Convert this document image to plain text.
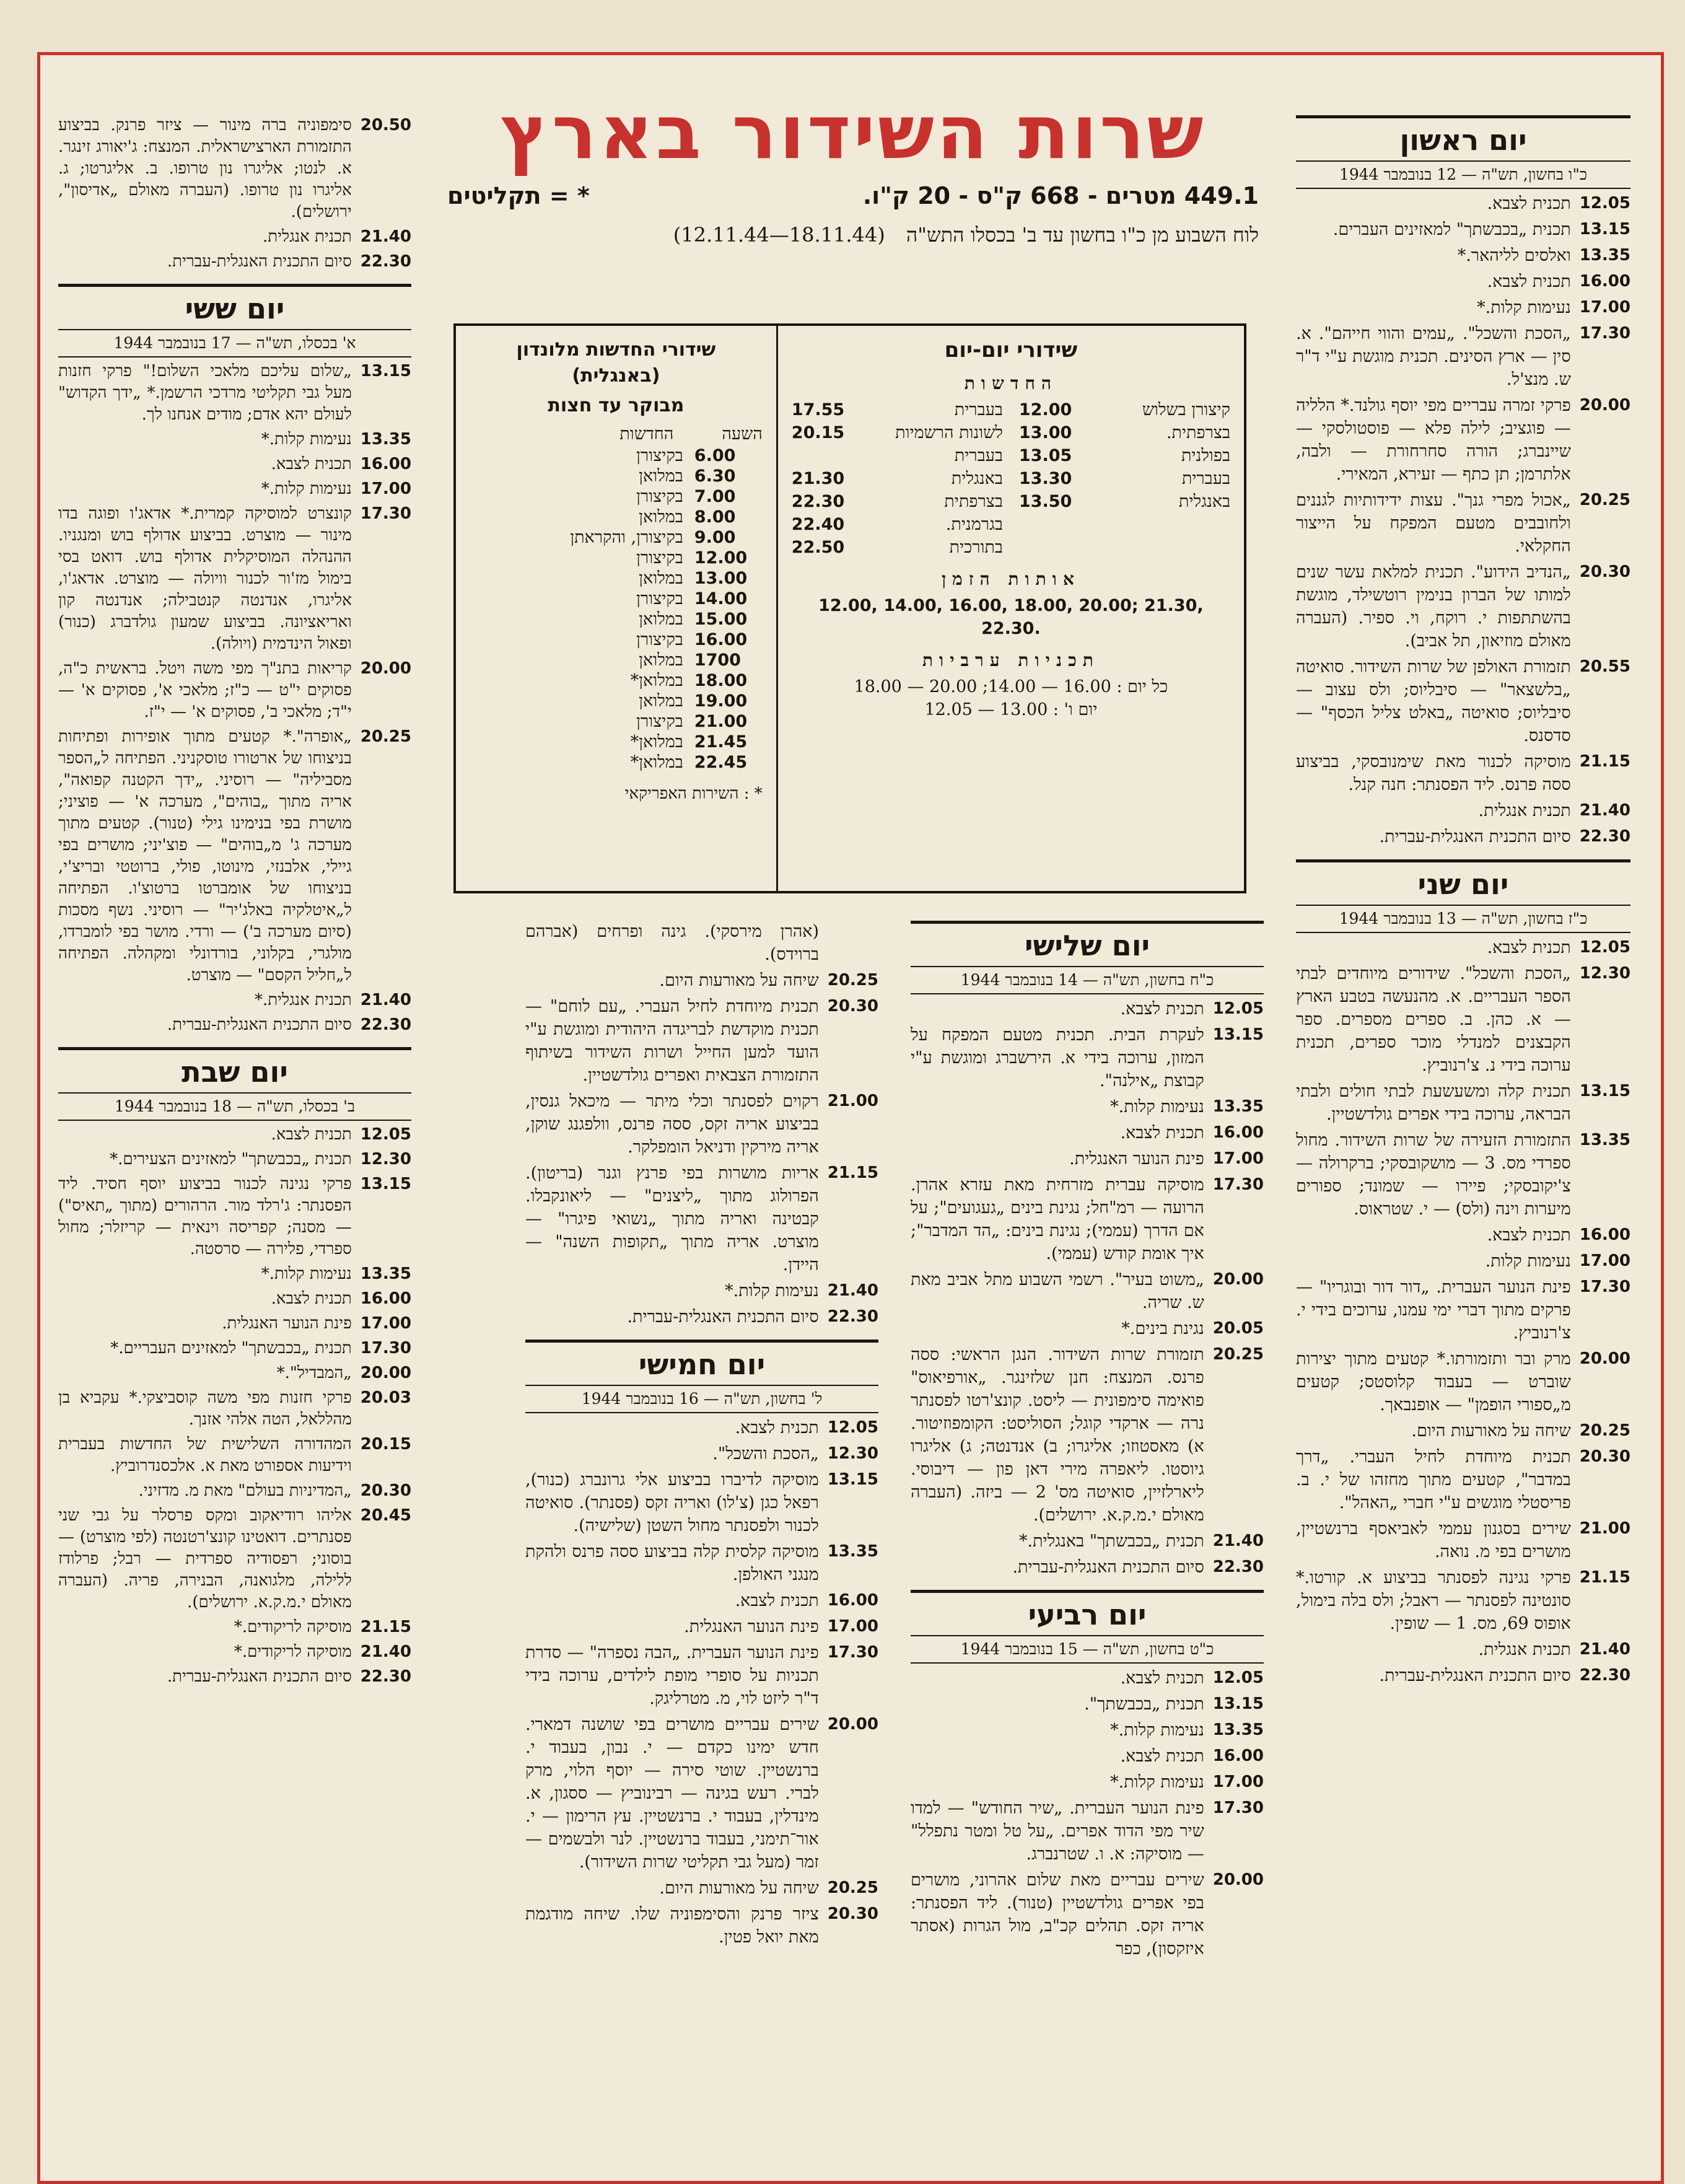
שרות השידור בארץ
449.1 מטרים - 668 ק"ס - 20 ק"ו.
* = תקליטים
לוח השבוע מן כ"ו בחשון עד ב' בכסלו התש"ה (12.11.44—18.11.44)
שידורי יום-יום
החדשות
קיצורן בשלוש
12.00
בצרפתית.
13.00
בפולנית
13.05
בעברית
13.30
באנגלית
13.50
בעברית
17.55
לשונות הרשמיות בעברית
20.15
באנגלית
21.30
בצרפתית
22.30
בגרמנית.
22.40
בתורכית
22.50
אותות הזמן
12.00, 14.00, 16.00, 18.00, 20.00; 21.30, 22.30.
תכניות ערביות
כל יום : 16.00 — 14.00; 20.00 — 18.00
יום ו' : 13.00 — 12.05
שידורי החדשות מלונדון (באנגלית)
מבוקר עד חצות
השעה
החדשות
6.00
בקיצורן
6.30
במלואן
7.00
בקיצורן
8.00
במלואן
9.00
בקיצורן, והקראתן
12.00
בקיצורן
13.00
במלואן
14.00
בקיצורן
15.00
במלואן
16.00
בקיצורן
1700
במלואן
18.00
במלואן*
19.00
במלואן
21.00
בקיצורן
21.45
במלואן*
22.45
במלואן*
* : השירות האפריקאי
יום ראשון
כ"ו בחשון, תש"ה — 12 בנובמבר 1944
12.05
תכנית לצבא.
13.15
תכנית „בכבשתך" למאזינים העברים.
13.35
ואלסים לליהאר.*
16.00
תכנית לצבא.
17.00
נעימות קלות.*
17.30
„הסכת והשכל". „עמים והווי חייהם". א. סין — ארץ הסינים. תכנית מוגשת ע"י ד"ר ש. מנצ'ל.
20.00
פרקי זמרה עבריים מפי יוסף גולנד.* הלליה — פוגציב; לילה פלא — פוסטולסקי — שיינברג; הורה סחרחורת — ולבה, אלתרמן; תן כתף — זעירא, המאירי.
20.25
„אכול מפרי גנך". עצות ידידותיות לגננים ולחובבים מטעם המפקח על הייצור החקלאי.
20.30
„הנדיב הידוע". תכנית למלאת עשר שנים למותו של הברון בנימין רוטשילד, מוגשת בהשתתפות י. רוקח, וי. ספיר. (העברה מאולם מוזיאון, תל אביב).
20.55
תזמורת האולפן של שרות השידור. סואיטה „בלשצאר" — סיבליוס; ולס עצוב — סיבליוס; סואיטה „באלט צליל הכסף" — סדסנס.
21.15
מוסיקה לכנור מאת שימנובסקי, בביצוע ססה פרנס. ליד הפסנתר: חנה קנל.
21.40
תכנית אנגלית.
22.30
סיום התכנית האנגלית-עברית.
יום שני
כ"ז בחשון, תש"ה — 13 בנובמבר 1944
12.05
תכנית לצבא.
12.30
„הסכת והשכל". שידורים מיוחדים לבתי הספר העבריים. א. מהנעשה בטבע הארץ — א. כהן. ב. ספרים מספרים. ספר הקבצנים למנדלי מוכר ספרים, תכנית ערוכה בידי נ. צ'רנוביץ.
13.15
תכנית קלה ומשעשעת לבתי חולים ולבתי הבראה, ערוכה בידי אפרים גולדשטיין.
13.35
התזמורת הזעירה של שרות השידור. מחול ספרדי מס. 3 — מושקובסקי; ברקרולה — צ'יקובסקי; פיירו — שמונד; ספורים מיערות וינה (ולס) — י. שטראוס.
16.00
תכנית לצבא.
17.00
נעימות קלות.
17.30
פינת הנוער העברית. „דור דור ובוגריו" — פרקים מתוך דברי ימי עמנו, ערוכים בידי י. צ'רנוביץ.
20.00
מרק ובר ותזמורתו.* קטעים מתוך יצירות שוברט — בעבוד קלוסטס; קטעים מ„ספורי הופמן" — אופנבאך.
20.25
שיחה על מאורעות היום.
20.30
תכנית מיוחדת לחיל העברי. „דרך במדבר", קטעים מתוך מחזהו של י. ב. פריסטלי מוגשים ע"י חברי „האהל".
21.00
שירים בסגנון עממי לאביאסף ברנשטיין, מושרים בפי מ. נואה.
21.15
פרקי נגינה לפסנתר בביצוע א. קורטו.* סונטינה לפסנתר — ראבל; ולס בלה בימול, אופוס 69, מס. 1 — שופין.
21.40
תכנית אנגלית.
22.30
סיום התכנית האנגלית-עברית.
יום שלישי
כ"ח בחשון, תש"ה — 14 בנובמבר 1944
12.05
תכנית לצבא.
13.15
לעקרת הבית. תכנית מטעם המפקח על המזון, ערוכה בידי א. הירשברג ומוגשת ע"י קבוצת „אילנה".
13.35
נעימות קלות.*
16.00
תכנית לצבא.
17.00
פינת הנוער האנגלית.
17.30
מוסיקה עברית מזרחית מאת עזרא אהרן. הרועה — רמ"חל; נגינת בינים „געגועים"; על אם הדרך (עממי); נגינת בינים: „הד המדבר"; איך אומת קודש (עממי).
20.00
„משוט בעיר". רשמי השבוע מתל אביב מאת ש. שריה.
20.05
נגינת בינים.*
20.25
תזמורת שרות השידור. הנגן הראשי: ססה פרנס. המנצח: חנן שלזינגר. „אורפיאוס" פואימה סימפונית — ליסט. קונצ'רטו לפסנתר נרה — ארקדי קוגל; הסוליסט: הקומפוזיטור. א) מאסטוזו; אליגרו; ב) אנדנטה; ג) אליגרו גיוסטו. ליאפרה מירי דאן פון — דיבוסי. ליארלזיין, סואיטה מס' 2 — ביזה. (העברה מאולם י.מ.ק.א. ירושלים).
21.40
תכנית „בכבשתך" באנגלית.*
22.30
סיום התכנית האנגלית-עברית.
יום רביעי
כ"ט בחשון, תש"ה — 15 בנובמבר 1944
12.05
תכנית לצבא.
13.15
תכנית „בכבשתך".
13.35
נעימות קלות.*
16.00
תכנית לצבא.
17.00
נעימות קלות.*
17.30
פינת הנוער העברית. „שיר החודש" — למדו שיר מפי הדוד אפרים. „על טל ומטר נתפלל" — מוסיקה: א. ו. שטרנברג.
20.00
שירים עבריים מאת שלום אהרוני, מושרים בפי אפרים גולדשטיין (טנור). ליד הפסנתר: אריה זקס. תהלים קכ"ב, מול הגרות (אסתר איזקסון), כפר
(אהרן מירסקי). גינה ופרחים (אברהם ברוידס).
20.25
שיחה על מאורעות היום.
20.30
תכנית מיוחדת לחיל העברי. „עם לוחם" — תכנית מוקדשת לבריגדה היהודית ומוגשת ע"י הועד למען החייל ושרות השידור בשיתוף התזמורת הצבאית ואפרים גולדשטיין.
21.00
רקוים לפסנתר וכלי מיתר — מיכאל גנסין, בביצוע אריה זקס, ססה פרנס, וולפגנג שוקן, אריה מירקין ודניאל הומפלקר.
21.15
אריות מושרות בפי פרנץ וגנר (בריטון). הפרולוג מתוך „ליצנים" — ליאונקבלו. קבטינה ואריה מתוך „נשואי פיגרו" — מוצרט. אריה מתוך „תקופות השנה" — היידן.
21.40
נעימות קלות.*
22.30
סיום התכנית האנגלית-עברית.
יום חמישי
ל' בחשון, תש"ה — 16 בנובמבר 1944
12.05
תכנית לצבא.
12.30
„הסכת והשכל".
13.15
מוסיקה לדיברו בביצוע אלי גרונברג (כנור), רפאל כגן (צ'לו) ואריה זקס (פסנתר). סואיטה לכנור ולפסנתר מחול השטן (שלישיה).
13.35
מוסיקה קלסית קלה בביצוע ססה פרנס ולהקת מנגני האולפן.
16.00
תכנית לצבא.
17.00
פינת הנוער האנגלית.
17.30
פינת הנוער העברית. „הבה נספרה" — סדרת תכניות על סופרי מופת לילדים, ערוכה בידי ד"ר ליזט לוי, מ. מטרליגק.
20.00
שירים עבריים מושרים בפי שושנה דמארי. חדש ימינו כקדם — י. נבון, בעבוד י. ברנשטיין. שוטי סירה — יוסף הלוי, מרק לברי. רעש בגינה — רבינוביץ — ססגון, א. מינדלין, בעבוד י. ברנשטיין. עץ הרימון — י. אור־תימני, בעבוד ברנשטיין. לנר ולבשמים — זמר (מעל גבי תקליטי שרות השידור).
20.25
שיחה על מאורעות היום.
20.30
ציזר פרנק והסימפוניה שלו. שיחה מודגמת מאת יואל פטין.
20.50
סימפוניה ברה מינור — ציזר פרנק. בביצוע התזמורת הארצישראלית. המנצח: ג'יאורג זינגר. א. לנטו; אליגרו נון טרופו. ב. אליגרטו; ג. אליגרו נון טרופו. (העברה מאולם „אדיסון", ירושלים).
21.40
תכנית אנגלית.
22.30
סיום התכנית האנגלית-עברית.
יום ששי
א' בכסלו, תש"ה — 17 בנובמבר 1944
13.15
„שלום עליכם מלאכי השלום!" פרקי חזנות מעל גבי תקליטי מרדכי הרשמן.* „ידך הקדוש" לעולם יהא אדם; מודים אנחנו לך.
13.35
נעימות קלות.*
16.00
תכנית לצבא.
17.00
נעימות קלות.*
17.30
קונצרט למוסיקה קמרית.* אדאג'ו ופוגה בדו מינור — מוצרט. בביצוע אדולף בוש ומנגניו. ההנהלה המוסיקלית אדולף בוש. דואט בסי בימול מז'ור לכנור וויולה — מוצרט. אדאג'ו, אליגרו, אנדנטה קנטבילה; אנדנטה קון ואריאציונה. בביצוע שמעון גולדברג (כנור) ופאול הינדמית (ויולה).
20.00
קריאות בתנ"ך מפי משה ויטל. בראשית כ"ה, פסוקים י"ט — כ"ז; מלאכי א', פסוקים א' — י"ד; מלאכי ב', פסוקים א' — י"ז.
20.25
„אופרה".* קטעים מתוך אופירות ופתיחות בניצוחו של ארטורו טוסקניני. הפתיחה ל„הספר מסביליה" — רוסיני. „ידך הקטנה קפואה", אריה מתוך „בוהים", מערכה א' — פוציני; מושרת בפי בנימינו גילי (טנור). קטעים מתוך מערכה ג' מ„בוהים" — פוצ'יני; מושרים בפי גיילי, אלבנזי, מינוטו, פולי, ברוטטי ובריצ'י, בניצוחו של אומברטו ברטוצ'ו. הפתיחה ל„איטלקיה באלג'יר" — רוסיני. נשף מסכות (סיום מערכה ב') — ורדי. מושר בפי לומברדו, מולגרי, בקלוני, בורדונלי ומקהלה. הפתיחה ל„חליל הקסם" — מוצרט.
21.40
תכנית אנגלית.*
22.30
סיום התכנית האנגלית-עברית.
יום שבת
ב' בכסלו, תש"ה — 18 בנובמבר 1944
12.05
תכנית לצבא.
12.30
תכנית „בכבשתך" למאזינים הצעירים.*
13.15
פרקי נגינה לכנור בביצוע יוסף חסיד. ליד הפסנתר: ג'רלד מור. הרהורים (מתוך „תאיס") — מסנה; קפריסה וינאית — קריזלר; מחול ספרדי, פלירה — סרסטה.
13.35
נעימות קלות.*
16.00
תכנית לצבא.
17.00
פינת הנוער האנגלית.
17.30
תכנית „בכבשתך" למאזינים העבריים.*
20.00
„המבדיל".*
20.03
פרקי חזנות מפי משה קוסביצקי.* עקביא בן מהללאל, הטה אלהי אזנך.
20.15
המהדורה השלישית של החדשות בעברית וידיעות אספורט מאת א. אלכסנדרוביץ.
20.30
„המדיניות בעולם" מאת מ. מדזיני.
20.45
אליהו רודיאקוב ומקס פרסלר על גבי שני פסנתרים. דואטינו קונצ'רטנטה (לפי מוצרט) — בוסוני; רפסודיה ספרדית — רבל; פרלודז ללילה, מלגואנה, הבנירה, פריה. (העברה מאולם י.מ.ק.א. ירושלים).
21.15
מוסיקה לריקודים.*
21.40
מוסיקה לריקודים.*
22.30
סיום התכנית האנגלית-עברית.
